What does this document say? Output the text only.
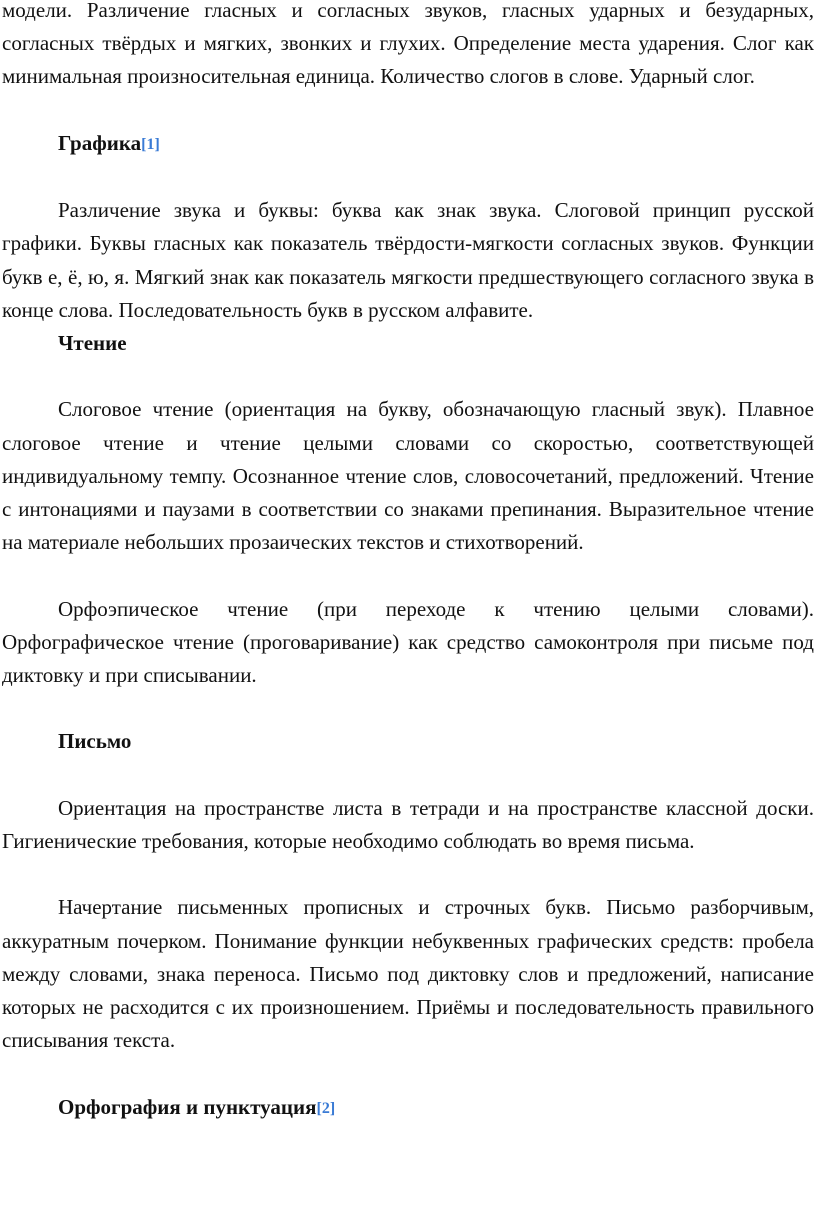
модели. Различение гласных и согласных звуков, гласных ударных и безударных, согласных твёрдых и мягких, звонких и глухих. Определение места ударения. Слог как минимальная произносительная единица. Количество слогов в слове. Ударный слог.

Графика[1]

Различение звука и буквы: буква как знак звука. Слоговой принцип русской графики. Буквы гласных как показатель твёрдости-мягкости согласных звуков. Функции букв е, ё, ю, я. Мягкий знак как показатель мягкости предшествующего согласного звука в конце слова. Последовательность букв в русском алфавите.

Чтение

Слоговое чтение (ориентация на букву, обозначающую гласный звук). Плавное слоговое чтение и чтение целыми словами со скоростью, соответствующей индивидуальному темпу. Осознанное чтение слов, словосочетаний, предложений. Чтение с интонациями и паузами в соответствии со знаками препинания. Выразительное чтение на материале небольших прозаических текстов и стихотворений.

Орфоэпическое чтение (при переходе к чтению целыми словами). Орфографическое чтение (проговаривание) как средство самоконтроля при письме под диктовку и при списывании.

Письмо

Ориентация на пространстве листа в тетради и на пространстве классной доски. Гигиенические требования, которые необходимо соблюдать во время письма.

Начертание письменных прописных и строчных букв. Письмо разборчивым, аккуратным почерком. Понимание функции небуквенных графических средств: пробела между словами, знака переноса. Письмо под диктовку слов и предложений, написание которых не расходится с их произношением. Приёмы и последовательность правильного списывания текста.

Орфография и пунктуация[2]
